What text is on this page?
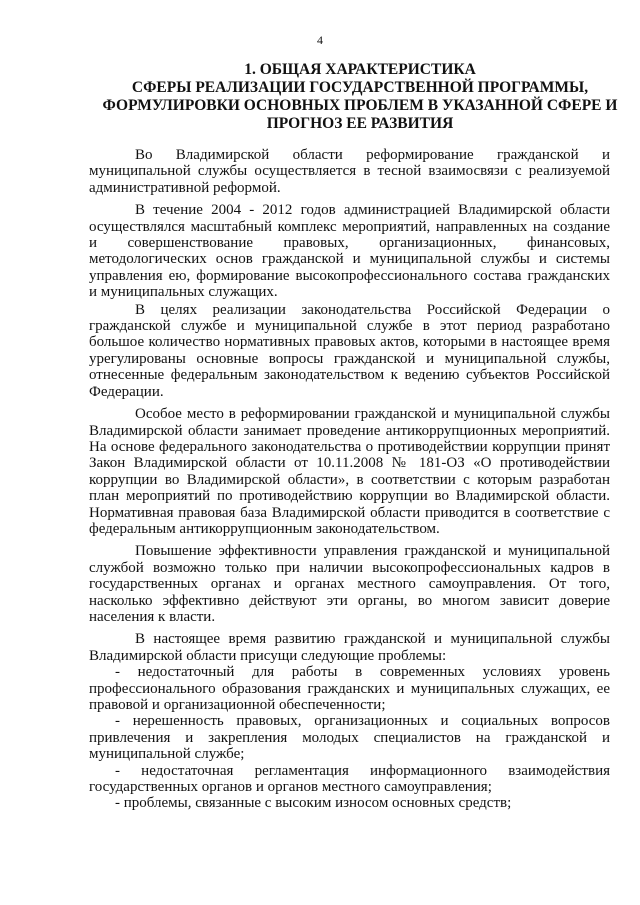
4
1. ОБЩАЯ ХАРАКТЕРИСТИКА
СФЕРЫ РЕАЛИЗАЦИИ ГОСУДАРСТВЕННОЙ ПРОГРАММЫ,
ФОРМУЛИРОВКИ ОСНОВНЫХ ПРОБЛЕМ В УКАЗАННОЙ СФЕРЕ И
ПРОГНОЗ ЕЕ РАЗВИТИЯ

Во Владимирской области реформирование гражданской и муниципальной службы осуществляется в тесной взаимосвязи с реализуемой административной реформой.

В течение 2004 - 2012 годов администрацией Владимирской области осуществлялся масштабный комплекс мероприятий, направленных на создание и совершенствование правовых, организационных, финансовых, методологических основ гражданской и муниципальной службы и системы управления ею, формирование высокопрофессионального состава гражданских и муниципальных служащих.

В целях реализации законодательства Российской Федерации о гражданской службе и муниципальной службе в этот период разработано большое количество нормативных правовых актов, которыми в настоящее время урегулированы основные вопросы гражданской и муниципальной службы, отнесенные федеральным законодательством к ведению субъектов Российской Федерации.

Особое место в реформировании гражданской и муниципальной службы Владимирской области занимает проведение антикоррупционных мероприятий. На основе федерального законодательства о противодействии коррупции принят Закон Владимирской области от 10.11.2008 № 181-ОЗ «О противодействии коррупции во Владимирской области», в соответствии с которым разработан план мероприятий по противодействию коррупции во Владимирской области. Нормативная правовая база Владимирской области приводится в соответствие с федеральным антикоррупционным законодательством.

Повышение эффективности управления гражданской и муниципальной службой возможно только при наличии высокопрофессиональных кадров в государственных органах и органах местного самоуправления. От того, насколько эффективно действуют эти органы, во многом зависит доверие населения к власти.

В настоящее время развитию гражданской и муниципальной службы Владимирской области присущи следующие проблемы:

- недостаточный для работы в современных условиях уровень профессионального образования гражданских и муниципальных служащих, ее правовой и организационной обеспеченности;

- нерешенность правовых, организационных и социальных вопросов привлечения и закрепления молодых специалистов на гражданской и муниципальной службе;

- недостаточная регламентация информационного взаимодействия государственных органов и органов местного самоуправления;

- проблемы, связанные с высоким износом основных средств;
